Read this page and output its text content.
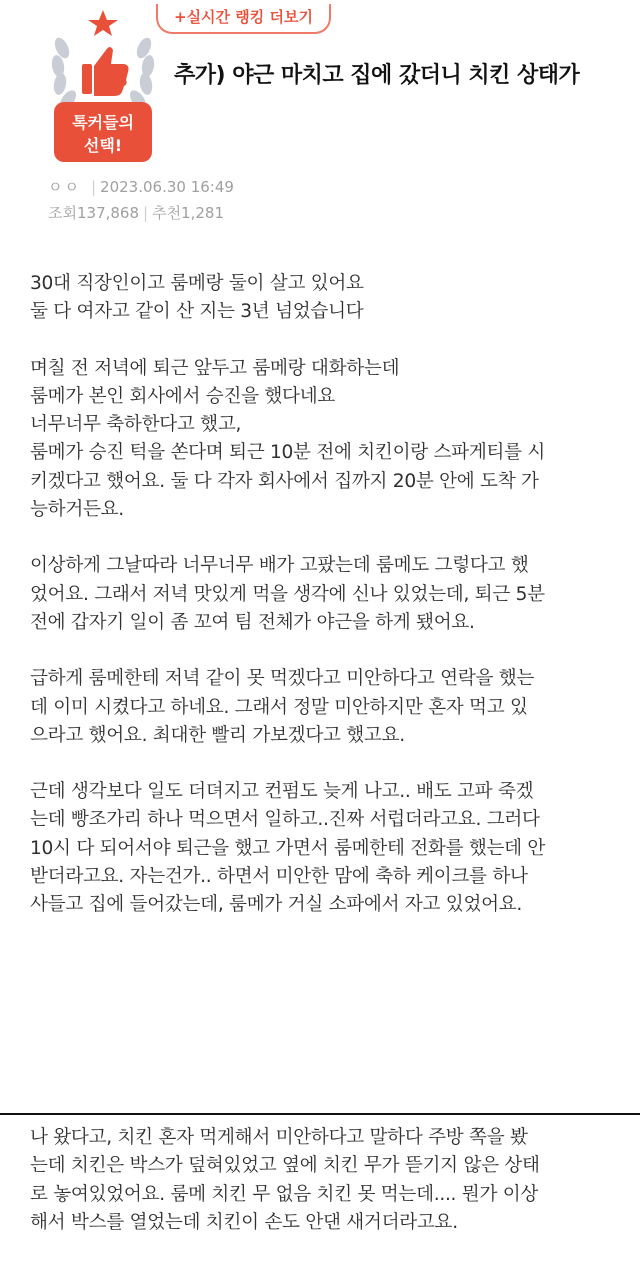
톡커들의
선택!
+실시간 랭킹 더보기
추가) 야근 마치고 집에 갔더니 치킨 상태가
ㅇㅇ | 2023.06.30 16:49
조회137,868 | 추천1,281
30대 직장인이고 룸메랑 둘이 살고 있어요
둘 다 여자고 같이 산 지는 3년 넘었습니다
며칠 전 저녁에 퇴근 앞두고 룸메랑 대화하는데
룸메가 본인 회사에서 승진을 했다네요
너무너무 축하한다고 했고,
룸메가 승진 턱을 쏜다며 퇴근 10분 전에 치킨이랑 스파게티를 시
키겠다고 했어요. 둘 다 각자 회사에서 집까지 20분 안에 도착 가
능하거든요.
이상하게 그날따라 너무너무 배가 고팠는데 룸메도 그렇다고 했
었어요. 그래서 저녁 맛있게 먹을 생각에 신나 있었는데, 퇴근 5분
전에 갑자기 일이 좀 꼬여 팀 전체가 야근을 하게 됐어요.
급하게 룸메한테 저녁 같이 못 먹겠다고 미안하다고 연락을 했는
데 이미 시켰다고 하네요. 그래서 정말 미안하지만 혼자 먹고 있
으라고 했어요. 최대한 빨리 가보겠다고 했고요.
근데 생각보다 일도 더뎌지고 컨펌도 늦게 나고.. 배도 고파 죽겠
는데 빵조가리 하나 먹으면서 일하고..진짜 서럽더라고요. 그러다
10시 다 되어서야 퇴근을 했고 가면서 룸메한테 전화를 했는데 안
받더라고요. 자는건가.. 하면서 미안한 맘에 축하 케이크를 하나
사들고 집에 들어갔는데, 룸메가 거실 소파에서 자고 있었어요.
나 왔다고, 치킨 혼자 먹게해서 미안하다고 말하다 주방 쪽을 봤
는데 치킨은 박스가 덮혀있었고 옆에 치킨 무가 뜯기지 않은 상태
로 놓여있었어요. 룸메 치킨 무 없음 치킨 못 먹는데.... 뭔가 이상
해서 박스를 열었는데 치킨이 손도 안댄 새거더라고요.
